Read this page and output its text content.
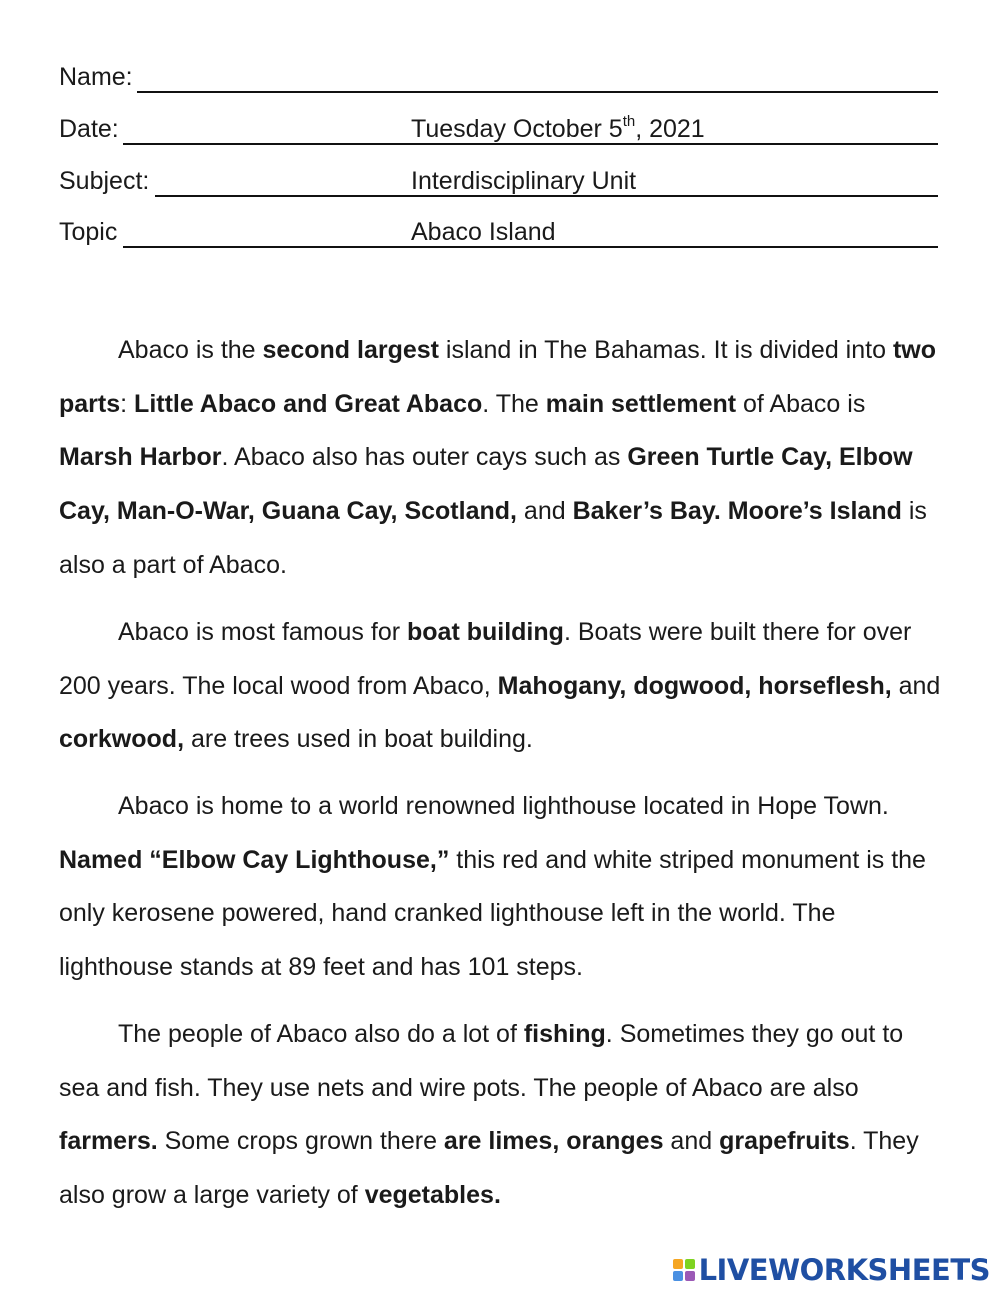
Name:
Date:	Tuesday October 5th, 2021
Subject:	Interdisciplinary Unit
Topic	Abaco Island

Abaco is the second largest island in The Bahamas. It is divided into two parts: Little Abaco and Great Abaco. The main settlement of Abaco is Marsh Harbor. Abaco also has outer cays such as Green Turtle Cay, Elbow Cay, Man-O-War, Guana Cay, Scotland, and Baker’s Bay. Moore’s Island is also a part of Abaco.

Abaco is most famous for boat building. Boats were built there for over 200 years. The local wood from Abaco, Mahogany, dogwood, horseflesh, and corkwood, are trees used in boat building.

Abaco is home to a world renowned lighthouse located in Hope Town. Named “Elbow Cay Lighthouse,” this red and white striped monument is the only kerosene powered, hand cranked lighthouse left in the world. The lighthouse stands at 89 feet and has 101 steps.

The people of Abaco also do a lot of fishing. Sometimes they go out to sea and fish. They use nets and wire pots. The people of Abaco are also farmers. Some crops grown there are limes, oranges and grapefruits. They also grow a large variety of vegetables.

LIVEWORKSHEETS
